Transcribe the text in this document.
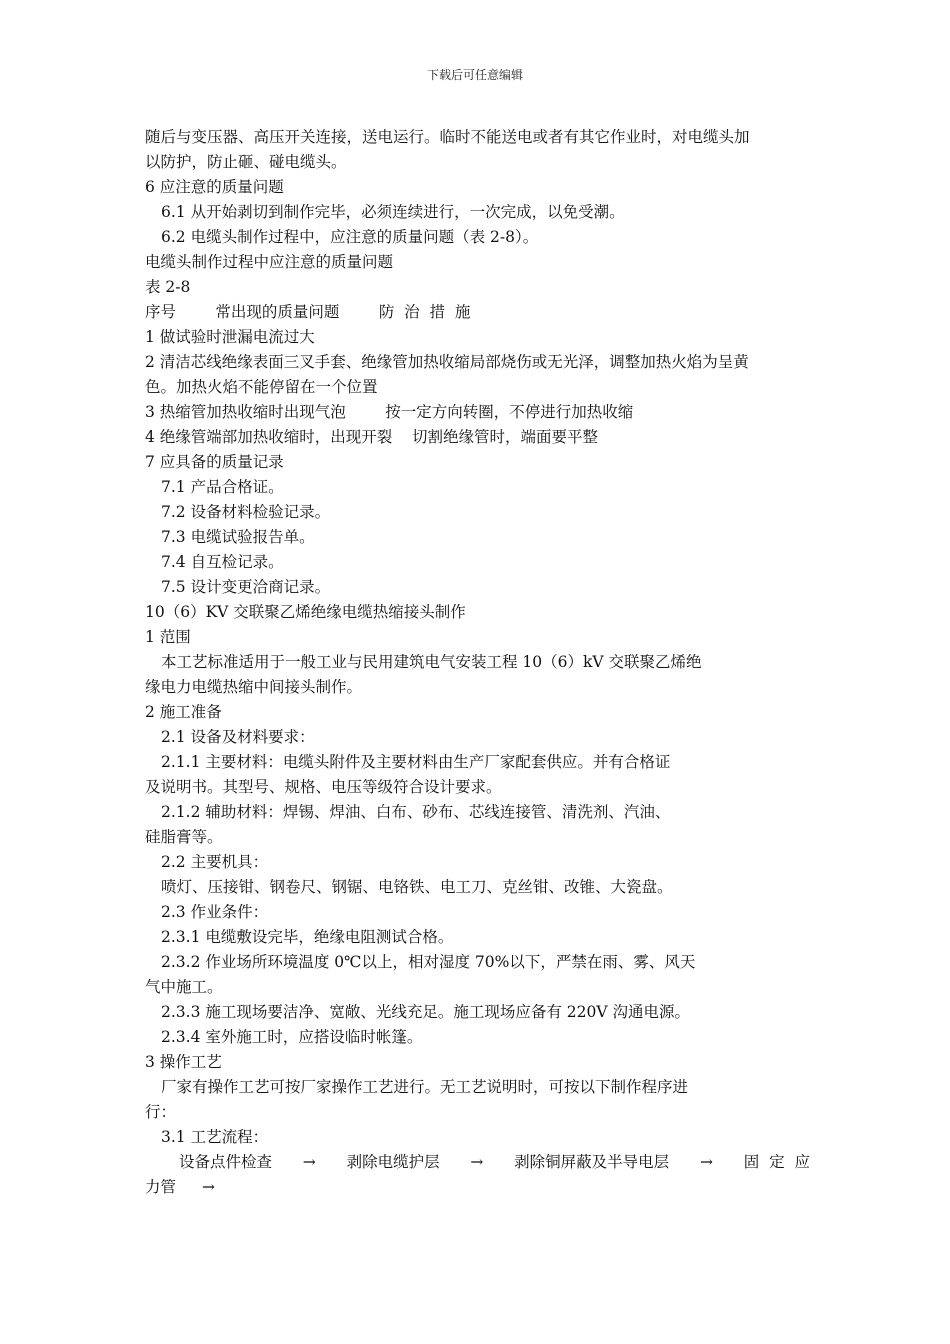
下载后可任意编辑
随后与变压器、高压开关连接，送电运行。临时不能送电或者有其它作业时，对电缆头加
以防护，防止砸、碰电缆头。
6 应注意的质量问题
6.1 从开始剥切到制作完毕，必须连续进行，一次完成，以免受潮。
6.2 电缆头制作过程中，应注意的质量问题（表 2-8）。
电缆头制作过程中应注意的质量问题
表 2-8
序号        常出现的质量问题        防  治  措  施
1 做试验时泄漏电流过大
2 清洁芯线绝缘表面三叉手套、绝缘管加热收缩局部烧伤或无光泽，调整加热火焰为呈黄
色。加热火焰不能停留在一个位置
3 热缩管加热收缩时出现气泡        按一定方向转圈，不停进行加热收缩
4 绝缘管端部加热收缩时，出现开裂    切割绝缘管时，端面要平整
7 应具备的质量记录
7.1 产品合格证。
7.2 设备材料检验记录。
7.3 电缆试验报告单。
7.4 自互检记录。
7.5 设计变更洽商记录。
10（6）KV 交联聚乙烯绝缘电缆热缩接头制作
1 范围
本工艺标准适用于一般工业与民用建筑电气安装工程 10（6）kV 交联聚乙烯绝
缘电力电缆热缩中间接头制作。
2 施工准备
2.1 设备及材料要求：
2.1.1 主要材料：电缆头附件及主要材料由生产厂家配套供应。并有合格证
及说明书。其型号、规格、电压等级符合设计要求。
2.1.2 辅助材料：焊锡、焊油、白布、砂布、芯线连接管、清洗剂、汽油、
硅脂膏等。
2.2 主要机具：
喷灯、压接钳、钢卷尺、钢锯、电铬铁、电工刀、克丝钳、改锥、大瓷盘。
2.3 作业条件：
2.3.1 电缆敷设完毕，绝缘电阻测试合格。
2.3.2 作业场所环境温度 0℃以上，相对湿度 70%以下，严禁在雨、雾、风天
气中施工。
2.3.3 施工现场要洁净、宽敞、光线充足。施工现场应备有 220V 沟通电源。
2.3.4 室外施工时，应搭设临时帐篷。
3 操作工艺
厂家有操作工艺可按厂家操作工艺进行。无工艺说明时，可按以下制作程序进
行：
3.1 工艺流程：
设备点件检查 → 剥除电缆护层 → 剥除铜屏蔽及半导电层 → 固  定  应
力管 →
